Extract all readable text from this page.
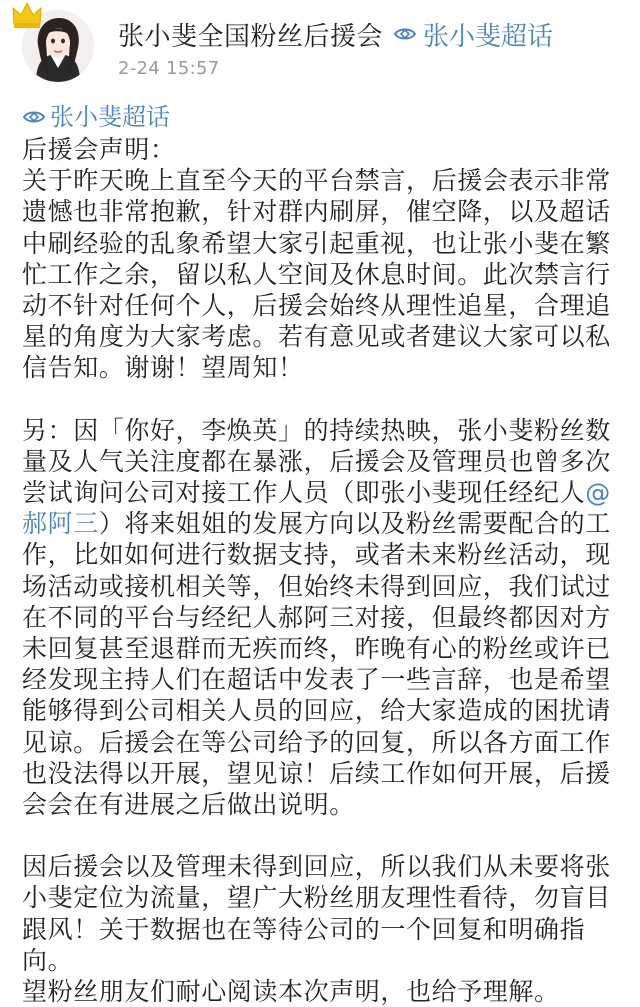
张小斐全国粉丝后援会 张小斐超话
2-24 15:57
张小斐超话
后援会声明：
关于昨天晚上直至今天的平台禁言，后援会表示非常遗憾也非常抱歉，针对群内刷屏，催空降，以及超话中刷经验的乱象希望大家引起重视，也让张小斐在繁忙工作之余，留以私人空间及休息时间。此次禁言行动不针对任何个人，后援会始终从理性追星，合理追星的角度为大家考虑。若有意见或者建议大家可以私信告知。谢谢！望周知！
另：因「你好，李焕英」的持续热映，张小斐粉丝数量及人气关注度都在暴涨，后援会及管理员也曾多次尝试询问公司对接工作人员（即张小斐现任经纪人@郝阿三）将来姐姐的发展方向以及粉丝需要配合的工作，比如如何进行数据支持，或者未来粉丝活动，现场活动或接机相关等，但始终未得到回应，我们试过在不同的平台与经纪人郝阿三对接，但最终都因对方未回复甚至退群而无疾而终，昨晚有心的粉丝或许已经发现主持人们在超话中发表了一些言辞，也是希望能够得到公司相关人员的回应，给大家造成的困扰请见谅。后援会在等公司给予的回复，所以各方面工作也没法得以开展，望见谅！后续工作如何开展，后援会会在有进展之后做出说明。
因后援会以及管理未得到回应，所以我们从未要将张小斐定位为流量，望广大粉丝朋友理性看待，勿盲目跟风！关于数据也在等待公司的一个回复和明确指向。
望粉丝朋友们耐心阅读本次声明，也给予理解。
